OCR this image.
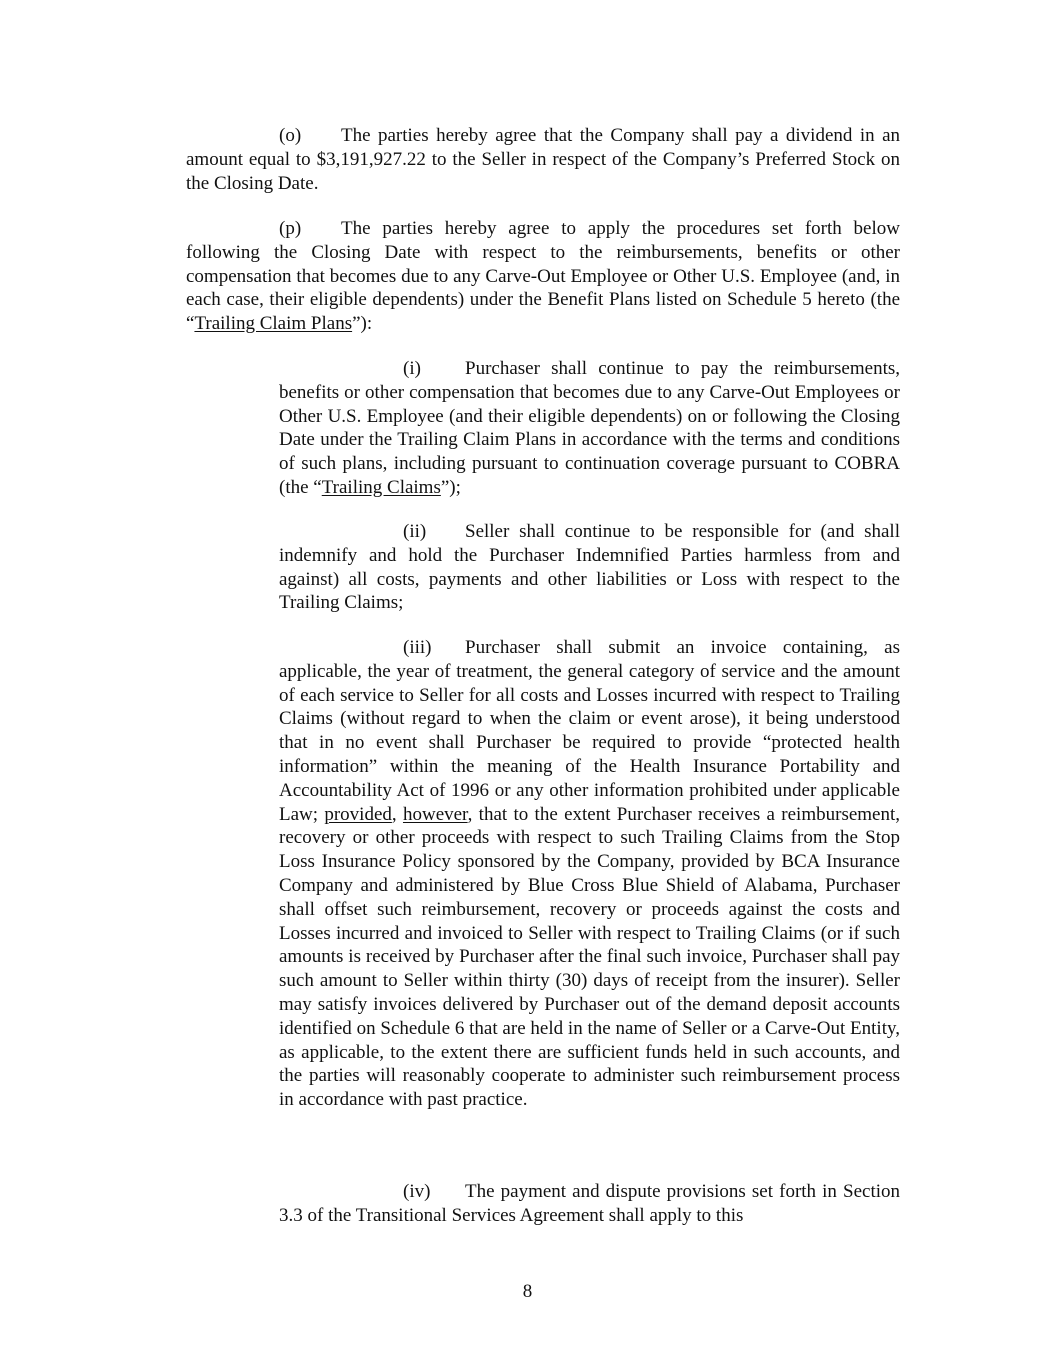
(o) The parties hereby agree that the Company shall pay a dividend in an amount equal to $3,191,927.22 to the Seller in respect of the Company’s Preferred Stock on the Closing Date.

(p) The parties hereby agree to apply the procedures set forth below following the Closing Date with respect to the reimbursements, benefits or other compensation that becomes due to any Carve-Out Employee or Other U.S. Employee (and, in each case, their eligible dependents) under the Benefit Plans listed on Schedule 5 hereto (the “Trailing Claim Plans”):

(i) Purchaser shall continue to pay the reimbursements, benefits or other compensation that becomes due to any Carve-Out Employees or Other U.S. Employee (and their eligible dependents) on or following the Closing Date under the Trailing Claim Plans in accordance with the terms and conditions of such plans, including pursuant to continuation coverage pursuant to COBRA (the “Trailing Claims”);

(ii) Seller shall continue to be responsible for (and shall indemnify and hold the Purchaser Indemnified Parties harmless from and against) all costs, payments and other liabilities or Loss with respect to the Trailing Claims;

(iii) Purchaser shall submit an invoice containing, as applicable, the year of treatment, the general category of service and the amount of each service to Seller for all costs and Losses incurred with respect to Trailing Claims (without regard to when the claim or event arose), it being understood that in no event shall Purchaser be required to provide “protected health information” within the meaning of the Health Insurance Portability and Accountability Act of 1996 or any other information prohibited under applicable Law; provided, however, that to the extent Purchaser receives a reimbursement, recovery or other proceeds with respect to such Trailing Claims from the Stop Loss Insurance Policy sponsored by the Company, provided by BCA Insurance Company and administered by Blue Cross Blue Shield of Alabama, Purchaser shall offset such reimbursement, recovery or proceeds against the costs and Losses incurred and invoiced to Seller with respect to Trailing Claims (or if such amounts is received by Purchaser after the final such invoice, Purchaser shall pay such amount to Seller within thirty (30) days of receipt from the insurer). Seller may satisfy invoices delivered by Purchaser out of the demand deposit accounts identified on Schedule 6 that are held in the name of Seller or a Carve-Out Entity, as applicable, to the extent there are sufficient funds held in such accounts, and the parties will reasonably cooperate to administer such reimbursement process in accordance with past practice.

(iv) The payment and dispute provisions set forth in Section 3.3 of the Transitional Services Agreement shall apply to this

8
